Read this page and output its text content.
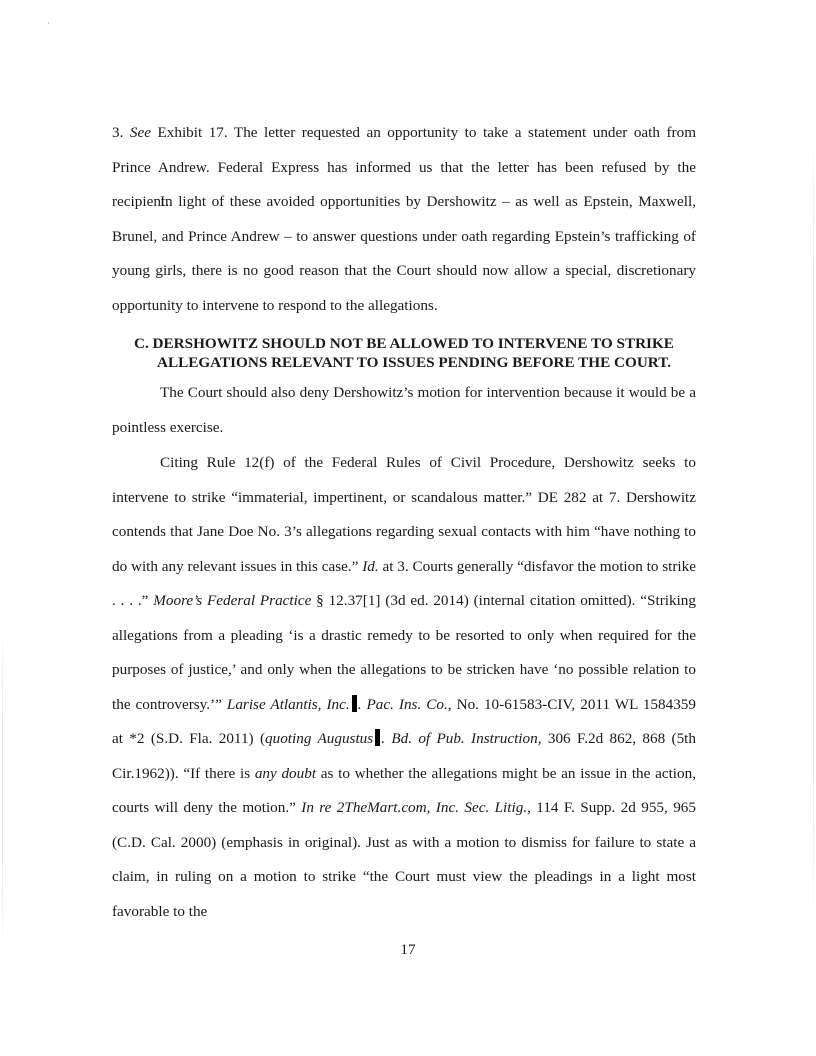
3. See Exhibit 17. The letter requested an opportunity to take a statement under oath from Prince Andrew. Federal Express has informed us that the letter has been refused by the recipient.

In light of these avoided opportunities by Dershowitz – as well as Epstein, Maxwell, Brunel, and Prince Andrew – to answer questions under oath regarding Epstein’s trafficking of young girls, there is no good reason that the Court should now allow a special, discretionary opportunity to intervene to respond to the allegations.

C. DERSHOWITZ SHOULD NOT BE ALLOWED TO INTERVENE TO STRIKE
ALLEGATIONS RELEVANT TO ISSUES PENDING BEFORE THE COURT.

The Court should also deny Dershowitz’s motion for intervention because it would be a pointless exercise.

Citing Rule 12(f) of the Federal Rules of Civil Procedure, Dershowitz seeks to intervene to strike “immaterial, impertinent, or scandalous matter.” DE 282 at 7. Dershowitz contends that Jane Doe No. 3’s allegations regarding sexual contacts with him “have nothing to do with any relevant issues in this case.” Id. at 3. Courts generally “disfavor the motion to strike . . . .” Moore’s Federal Practice § 12.37[1] (3d ed. 2014) (internal citation omitted). “Striking allegations from a pleading ‘is a drastic remedy to be resorted to only when required for the purposes of justice,’ and only when the allegations to be stricken have ‘no possible relation to the controversy.’” Larise Atlantis, Inc. . Pac. Ins. Co., No. 10-61583-CIV, 2011 WL 1584359 at *2 (S.D. Fla. 2011) (quoting Augustus . Bd. of Pub. Instruction, 306 F.2d 862, 868 (5th Cir.1962)). “If there is any doubt as to whether the allegations might be an issue in the action, courts will deny the motion.” In re 2TheMart.com, Inc. Sec. Litig., 114 F. Supp. 2d 955, 965 (C.D. Cal. 2000) (emphasis in original). Just as with a motion to dismiss for failure to state a claim, in ruling on a motion to strike “the Court must view the pleadings in a light most favorable to the

17
